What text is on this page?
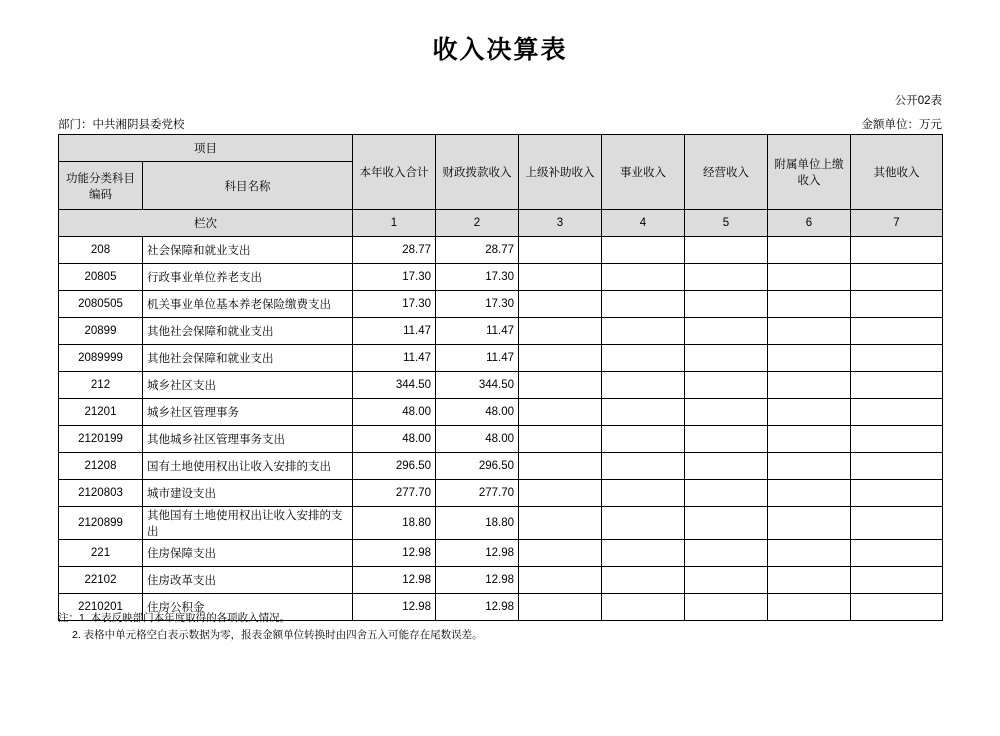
收入决算表
公开02表
部门：中共湘阴县委党校	金额单位：万元
项目		本年收入合计	财政拨款收入	上级补助收入	事业收入	经营收入	附属单位上缴收入	其他收入
功能分类科目编码	科目名称							
栏次		1	2	3	4	5	6	7
208	社会保障和就业支出	28.77	28.77					
20805	行政事业单位养老支出	17.30	17.30					
2080505	机关事业单位基本养老保险缴费支出	17.30	17.30					
20899	其他社会保障和就业支出	11.47	11.47					
2089999	其他社会保障和就业支出	11.47	11.47					
212	城乡社区支出	344.50	344.50					
21201	城乡社区管理事务	48.00	48.00					
2120199	其他城乡社区管理事务支出	48.00	48.00					
21208	国有土地使用权出让收入安排的支出	296.50	296.50					
2120803	城市建设支出	277.70	277.70					
2120899	其他国有土地使用权出让收入安排的支出	18.80	18.80					
221	住房保障支出	12.98	12.98					
22102	住房改革支出	12.98	12.98					
2210201	住房公积金	12.98	12.98					
注：1. 本表反映部门本年度取得的各项收入情况。
2. 表格中单元格空白表示数据为零，报表金额单位转换时由四舍五入可能存在尾数误差。
